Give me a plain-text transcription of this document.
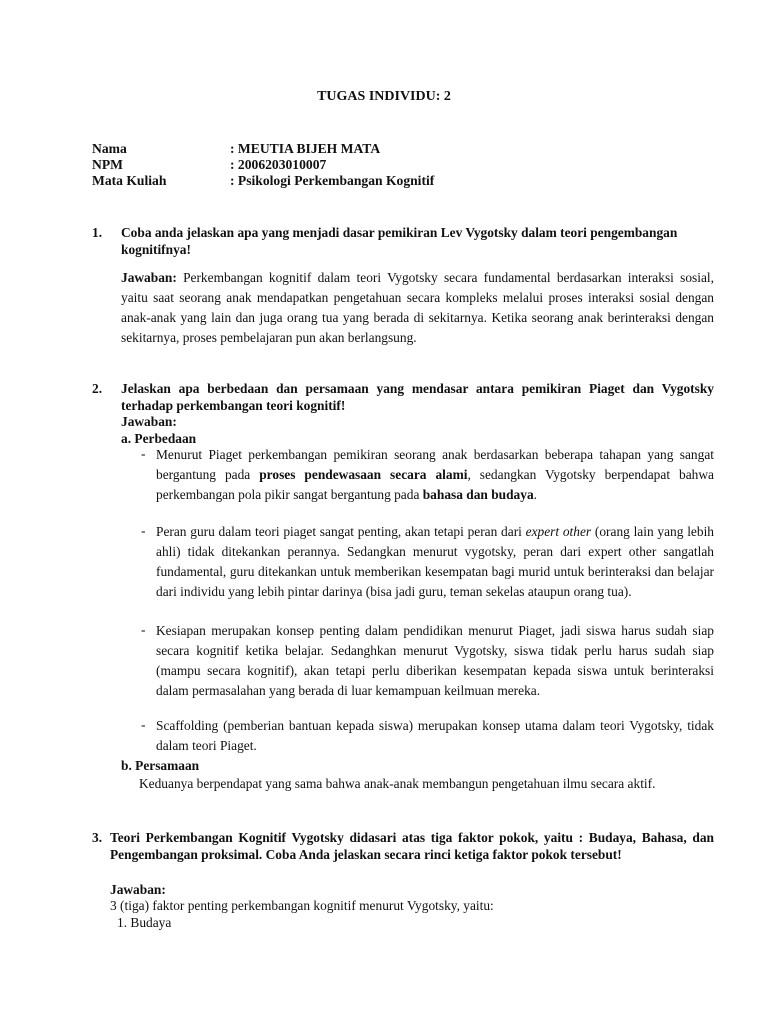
TUGAS INDIVIDU: 2
Nama	: MEUTIA BIJEH MATA
NPM	: 2006203010007
Mata Kuliah	: Psikologi Perkembangan Kognitif
1. Coba anda jelaskan apa yang menjadi dasar pemikiran Lev Vygotsky dalam teori pengembangan kognitifnya!
Jawaban: Perkembangan kognitif dalam teori Vygotsky secara fundamental berdasarkan interaksi sosial, yaitu saat seorang anak mendapatkan pengetahuan secara kompleks melalui proses interaksi sosial dengan anak-anak yang lain dan juga orang tua yang berada di sekitarnya. Ketika seorang anak berinteraksi dengan sekitarnya, proses pembelajaran pun akan berlangsung.
2. Jelaskan apa berbedaan dan persamaan yang mendasar antara pemikiran Piaget dan Vygotsky terhadap perkembangan teori kognitif!
Jawaban:
a. Perbedaan
- Menurut Piaget perkembangan pemikiran seorang anak berdasarkan beberapa tahapan yang sangat bergantung pada proses pendewasaan secara alami, sedangkan Vygotsky berpendapat bahwa perkembangan pola pikir sangat bergantung pada bahasa dan budaya.
- Peran guru dalam teori piaget sangat penting, akan tetapi peran dari expert other (orang lain yang lebih ahli) tidak ditekankan perannya. Sedangkan menurut vygotsky, peran dari expert other sangatlah fundamental, guru ditekankan untuk memberikan kesempatan bagi murid untuk berinteraksi dan belajar dari individu yang lebih pintar darinya (bisa jadi guru, teman sekelas ataupun orang tua).
- Kesiapan merupakan konsep penting dalam pendidikan menurut Piaget, jadi siswa harus sudah siap secara kognitif ketika belajar. Sedanghkan menurut Vygotsky, siswa tidak perlu harus sudah siap (mampu secara kognitif), akan tetapi perlu diberikan kesempatan kepada siswa untuk berinteraksi dalam permasalahan yang berada di luar kemampuan keilmuan mereka.
- Scaffolding (pemberian bantuan kepada siswa) merupakan konsep utama dalam teori Vygotsky, tidak dalam teori Piaget.
b. Persamaan
Keduanya berpendapat yang sama bahwa anak-anak membangun pengetahuan ilmu secara aktif.
3. Teori Perkembangan Kognitif Vygotsky didasari atas tiga faktor pokok, yaitu : Budaya, Bahasa, dan Pengembangan proksimal. Coba Anda jelaskan secara rinci ketiga faktor pokok tersebut!
Jawaban:
3 (tiga) faktor penting perkembangan kognitif menurut Vygotsky, yaitu:
1. Budaya
